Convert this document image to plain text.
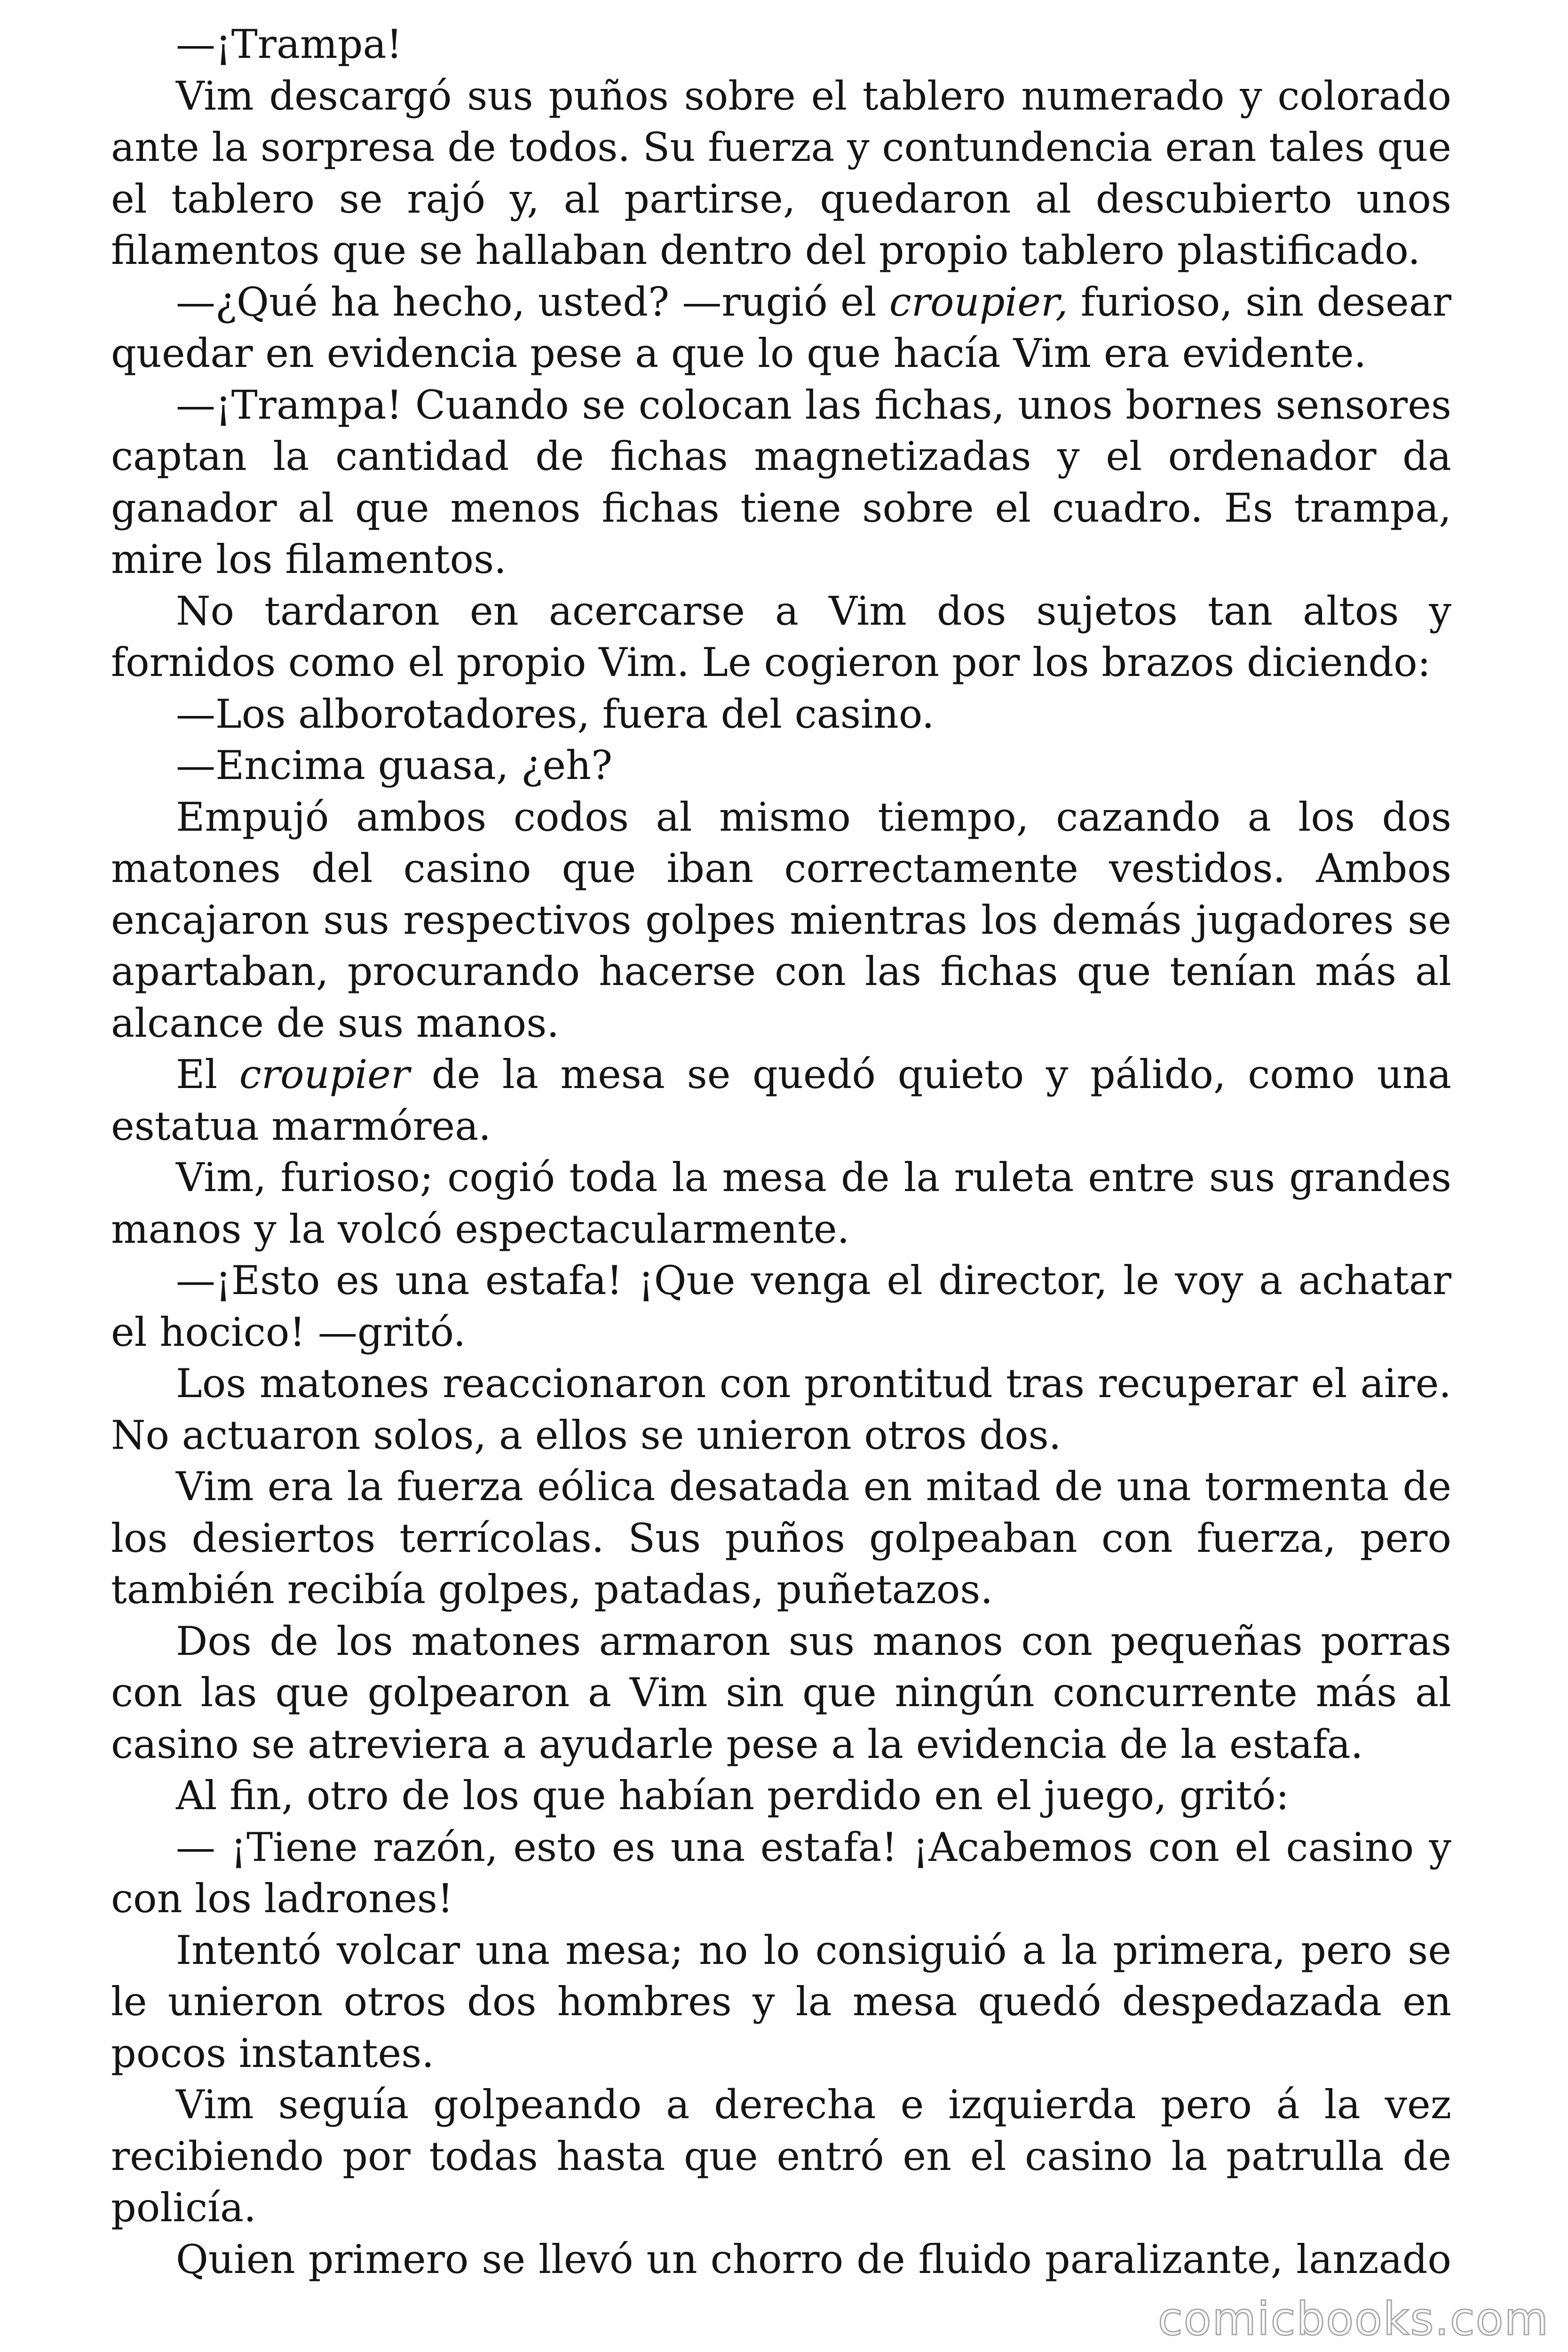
—¡Trampa!

Vim descargó sus puños sobre el tablero numerado y colorado ante la sorpresa de todos. Su fuerza y contundencia eran tales que el tablero se rajó y, al partirse, quedaron al descubierto unos filamentos que se hallaban dentro del propio tablero plastificado.

—¿Qué ha hecho, usted? —rugió el croupier, furioso, sin desear quedar en evidencia pese a que lo que hacía Vim era evidente.

—¡Trampa! Cuando se colocan las fichas, unos bornes sensores captan la cantidad de fichas magnetizadas y el ordenador da ganador al que menos fichas tiene sobre el cuadro. Es trampa, mire los filamentos.

No tardaron en acercarse a Vim dos sujetos tan altos y fornidos como el propio Vim. Le cogieron por los brazos diciendo:

—Los alborotadores, fuera del casino.

—Encima guasa, ¿eh?

Empujó ambos codos al mismo tiempo, cazando a los dos matones del casino que iban correctamente vestidos. Ambos encajaron sus respectivos golpes mientras los demás jugadores se apartaban, procurando hacerse con las fichas que tenían más al alcance de sus manos.

El croupier de la mesa se quedó quieto y pálido, como una estatua marmórea.

Vim, furioso; cogió toda la mesa de la ruleta entre sus grandes manos y la volcó espectacularmente.

—¡Esto es una estafa! ¡Que venga el director, le voy a achatar el hocico! —gritó.

Los matones reaccionaron con prontitud tras recuperar el aire. No actuaron solos, a ellos se unieron otros dos.

Vim era la fuerza eólica desatada en mitad de una tormenta de los desiertos terrícolas. Sus puños golpeaban con fuerza, pero también recibía golpes, patadas, puñetazos.

Dos de los matones armaron sus manos con pequeñas porras con las que golpearon a Vim sin que ningún concurrente más al casino se atreviera a ayudarle pese a la evidencia de la estafa.

Al fin, otro de los que habían perdido en el juego, gritó:

— ¡Tiene razón, esto es una estafa! ¡Acabemos con el casino y con los ladrones!

Intentó volcar una mesa; no lo consiguió a la primera, pero se le unieron otros dos hombres y la mesa quedó despedazada en pocos instantes.

Vim seguía golpeando a derecha e izquierda pero á la vez recibiendo por todas hasta que entró en el casino la patrulla de policía.

Quien primero se llevó un chorro de fluido paralizante, lanzado

comicbooks.com
